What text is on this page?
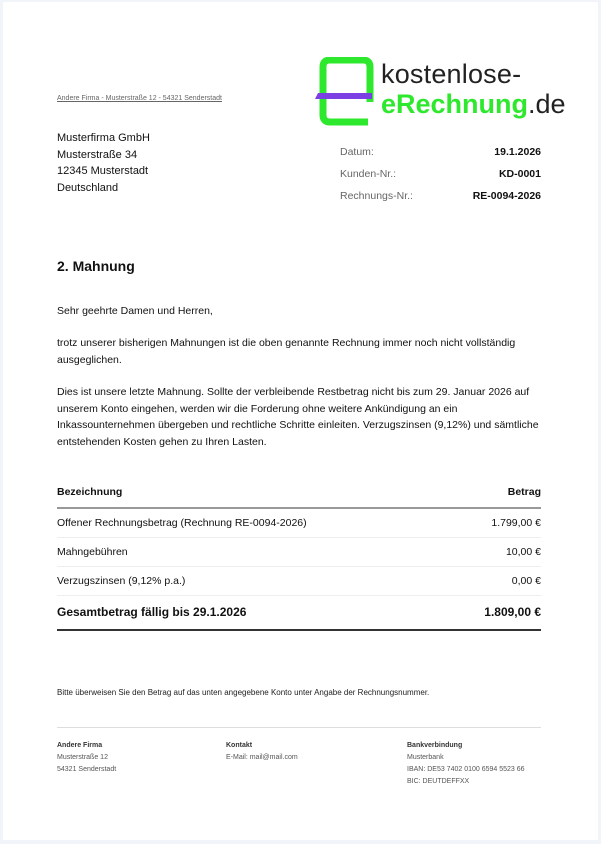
Andere Firma - Musterstraße 12 - 54321 Senderstadt
kostenlose-
eRechnung.de
Musterfirma GmbH
Musterstraße 34
12345 Musterstadt
Deutschland
Datum:	19.1.2026
Kunden-Nr.:	KD-0001
Rechnungs-Nr.:	RE-0094-2026
2. Mahnung
Sehr geehrte Damen und Herren,
trotz unserer bisherigen Mahnungen ist die oben genannte Rechnung immer noch nicht vollständig ausgeglichen.
Dies ist unsere letzte Mahnung. Sollte der verbleibende Restbetrag nicht bis zum 29. Januar 2026 auf unserem Konto eingehen, werden wir die Forderung ohne weitere Ankündigung an ein Inkassounternehmen übergeben und rechtliche Schritte einleiten. Verzugszinsen (9,12%) und sämtliche entstehenden Kosten gehen zu Ihren Lasten.
Bezeichnung	Betrag
Offener Rechnungsbetrag (Rechnung RE-0094-2026)	1.799,00 €
Mahngebühren	10,00 €
Verzugszinsen (9,12% p.a.)	0,00 €
Gesamtbetrag fällig bis 29.1.2026	1.809,00 €
Bitte überweisen Sie den Betrag auf das unten angegebene Konto unter Angabe der Rechnungsnummer.
Andere Firma
Musterstraße 12
54321 Senderstadt
Kontakt
E-Mail: mail@mail.com
Bankverbindung
Musterbank
IBAN: DE53 7402 0100 6594 5523 66
BIC: DEUTDEFFXX
